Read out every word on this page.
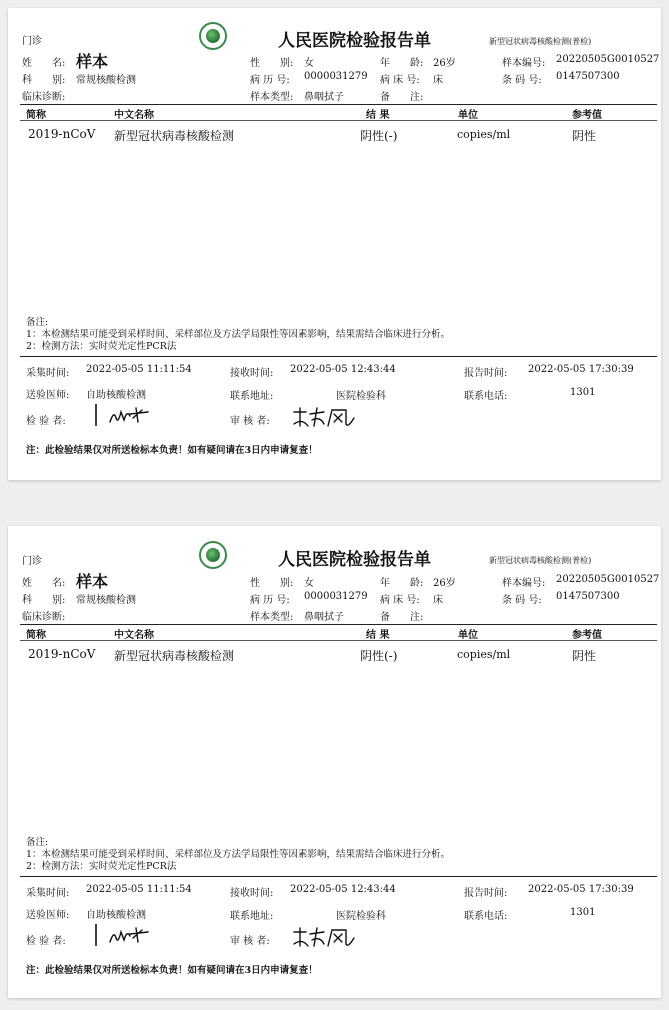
门诊	人民医院检验报告单	新型冠状病毒核酸检测(普检)
姓　　名: 样本	性　　别: 女	年　　龄: 26岁	样本编号: 20220505G0010527
科　　别: 常规核酸检测	病 历 号: 0000031279 病 床 号: 床	条 码 号: 0147507300
临床诊断:	样本类型: 鼻咽拭子	备　　注:
简称	中文名称	结 果	单位	参考值
2019-nCoV 新型冠状病毒核酸检测	阴性(-)	copies/ml	阴性
备注:
1：本检测结果可能受到采样时间、采样部位及方法学局限性等因素影响，结果需结合临床进行分析。
2：检测方法：实时荧光定性PCR法
采集时间: 2022-05-05 11:11:54	接收时间: 2022-05-05 12:43:44	报告时间: 2022-05-05 17:30:39
送验医师: 自助核酸检测	联系地址:	医院检验科	联系电话:	1301
检 验 者:	审 核 者:
注：此检验结果仅对所送检标本负责！如有疑问请在3日内申请复查！
门诊	人民医院检验报告单	新型冠状病毒核酸检测(普检)
姓　　名: 样本	性　　别: 女	年　　龄: 26岁	样本编号: 20220505G0010527
科　　别: 常规核酸检测	病 历 号: 0000031279 病 床 号: 床	条 码 号: 0147507300
临床诊断:	样本类型: 鼻咽拭子	备　　注:
简称	中文名称	结 果	单位	参考值
2019-nCoV 新型冠状病毒核酸检测	阴性(-)	copies/ml	阴性
备注:
1：本检测结果可能受到采样时间、采样部位及方法学局限性等因素影响，结果需结合临床进行分析。
2：检测方法：实时荧光定性PCR法
采集时间: 2022-05-05 11:11:54	接收时间: 2022-05-05 12:43:44	报告时间: 2022-05-05 17:30:39
送验医师: 自助核酸检测	联系地址:	医院检验科	联系电话:	1301
检 验 者:	审 核 者:
注：此检验结果仅对所送检标本负责！如有疑问请在3日内申请复查！
